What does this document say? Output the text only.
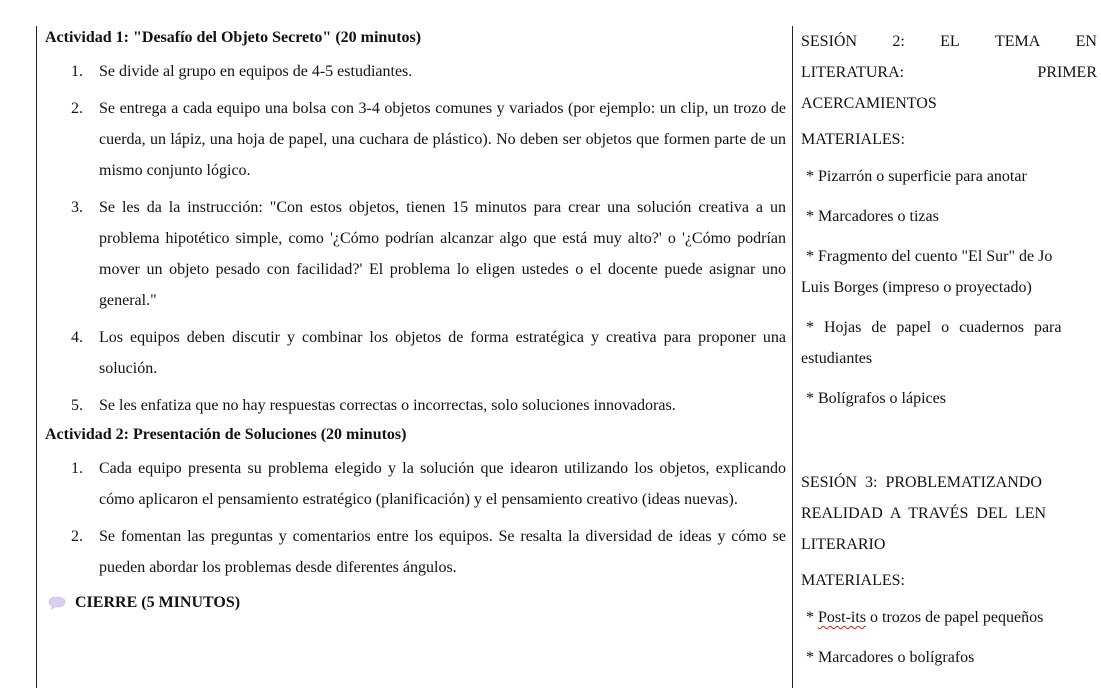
Actividad 1: "Desafío del Objeto Secreto" (20 minutos)

1. Se divide al grupo en equipos de 4-5 estudiantes.
2. Se entrega a cada equipo una bolsa con 3-4 objetos comunes y variados (por ejemplo: un clip, un trozo de cuerda, un lápiz, una hoja de papel, una cuchara de plástico). No deben ser objetos que formen parte de un mismo conjunto lógico.
3. Se les da la instrucción: "Con estos objetos, tienen 15 minutos para crear una solución creativa a un problema hipotético simple, como '¿Cómo podrían alcanzar algo que está muy alto?' o '¿Cómo podrían mover un objeto pesado con facilidad?' El problema lo eligen ustedes o el docente puede asignar uno general."
4. Los equipos deben discutir y combinar los objetos de forma estratégica y creativa para proponer una solución.
5. Se les enfatiza que no hay respuestas correctas o incorrectas, solo soluciones innovadoras.

Actividad 2: Presentación de Soluciones (20 minutos)

1. Cada equipo presenta su problema elegido y la solución que idearon utilizando los objetos, explicando cómo aplicaron el pensamiento estratégico (planificación) y el pensamiento creativo (ideas nuevas).
2. Se fomentan las preguntas y comentarios entre los equipos. Se resalta la diversidad de ideas y cómo se pueden abordar los problemas desde diferentes ángulos.
CIERRE (5 MINUTOS)
SESIÓN 2: EL TEMA EN
LITERATURA:	PRIMER
ACERCAMIENTOS
MATERIALES:
* Pizarrón o superficie para anotar
* Marcadores o tizas
* Fragmento del cuento "El Sur" de Jo
Luis Borges (impreso o proyectado)
* Hojas de papel o cuadernos para
estudiantes
* Bolígrafos o lápices
SESIÓN 3: PROBLEMATIZANDO
REALIDAD A TRAVÉS DEL LEN
LITERARIO
MATERIALES:
* Post-its o trozos de papel pequeños
* Marcadores o bolígrafos
